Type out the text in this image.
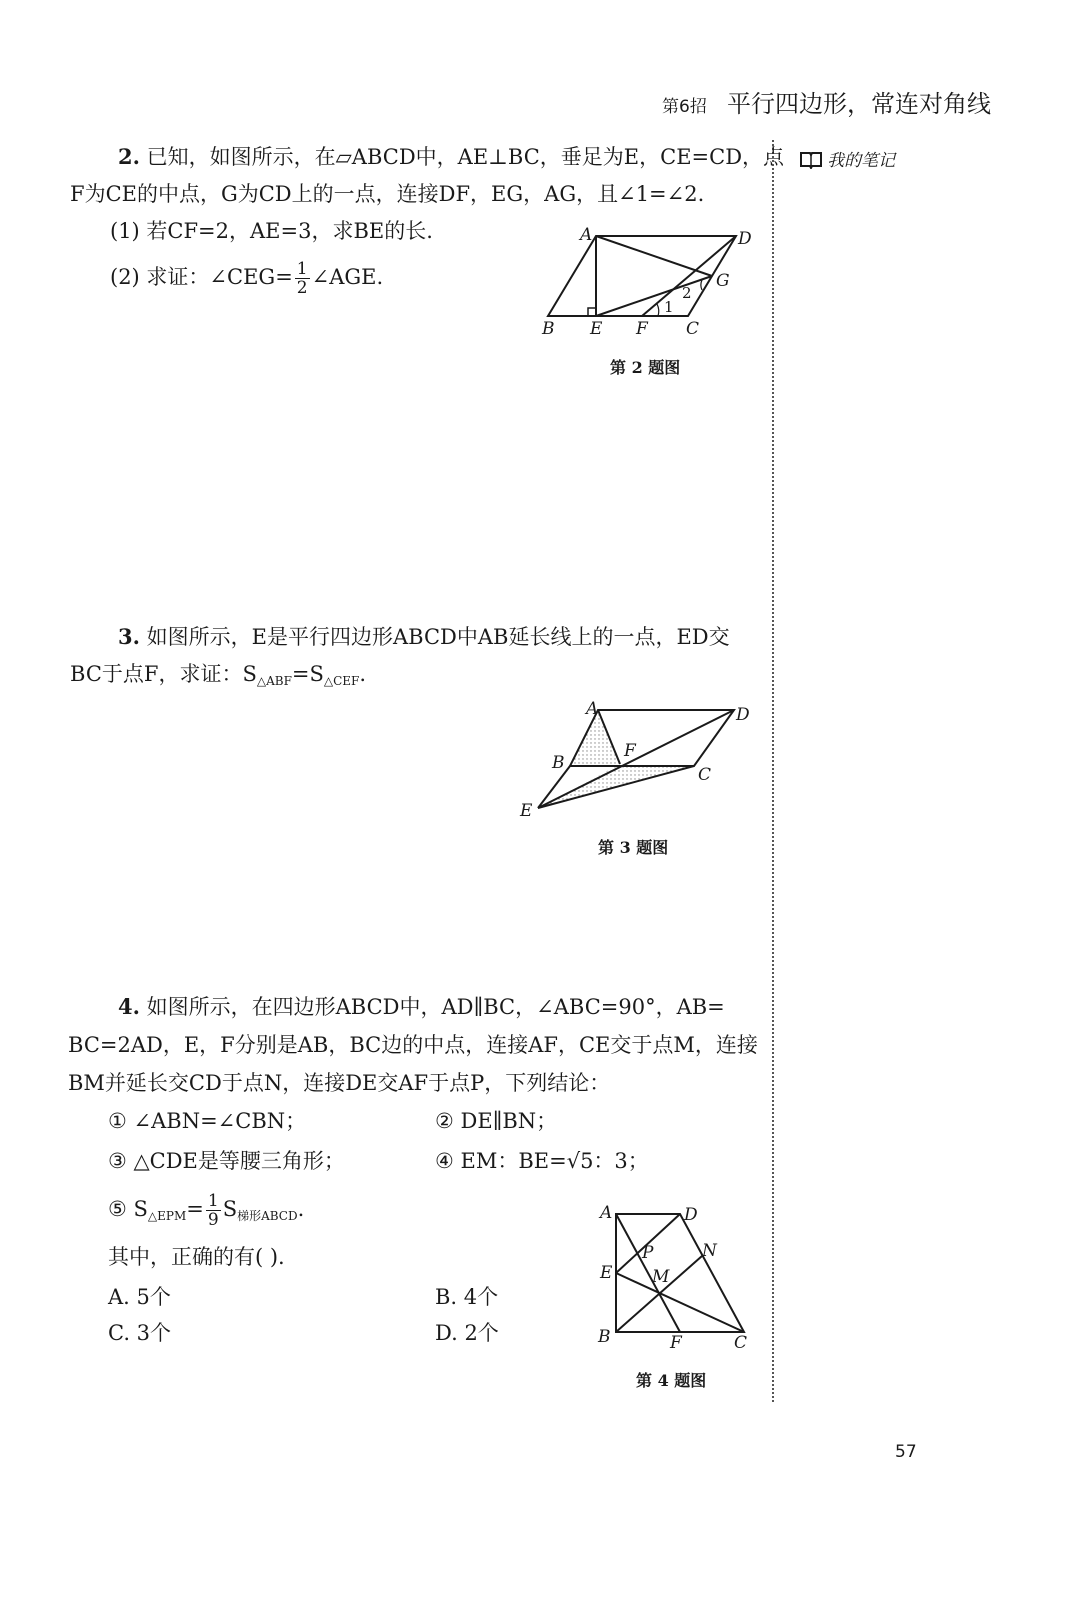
第6招 平行四边形，常连对角线
我的笔记
2. 已知，如图所示，在▱ABCD中，AE⊥BC，垂足为E，CE=CD，点
F为CE的中点，G为CD上的一点，连接DF，EG，AG，且∠1=∠2.
(1) 若CF=2，AE=3，求BE的长.
(2) 求证：∠CEG= $\frac{1}{2}$ ∠AGE.
A	D
G
B E F C
1
2
第 2 题图
3. 如图所示，E是平行四边形ABCD中AB延长线上的一点，ED交
BC于点F，求证：$S_{\triangle ABF}=S_{\triangle CEF}$.
A	D
F
B
C
E
第 3 题图
4. 如图所示，在四边形ABCD中，AD∥BC，∠ABC=90°，AB=
BC=2AD，E，F分别是AB，BC边的中点，连接AF，CE交于点M，连接
BM并延长交CD于点N，连接DE交AF于点P，下列结论：
① ∠ABN=∠CBN；	② DE∥BN；
③ △CDE是等腰三角形；	④ EM：BE=√5：3；
⑤ $S_{\triangle EPM}= \frac{1}{9} S_{梯形ABCD}$.
其中，正确的有( ).
A. 5个	B. 4个
C. 3个	D. 2个
A	D
P	N
E M
B	F	C
第 4 题图
57
